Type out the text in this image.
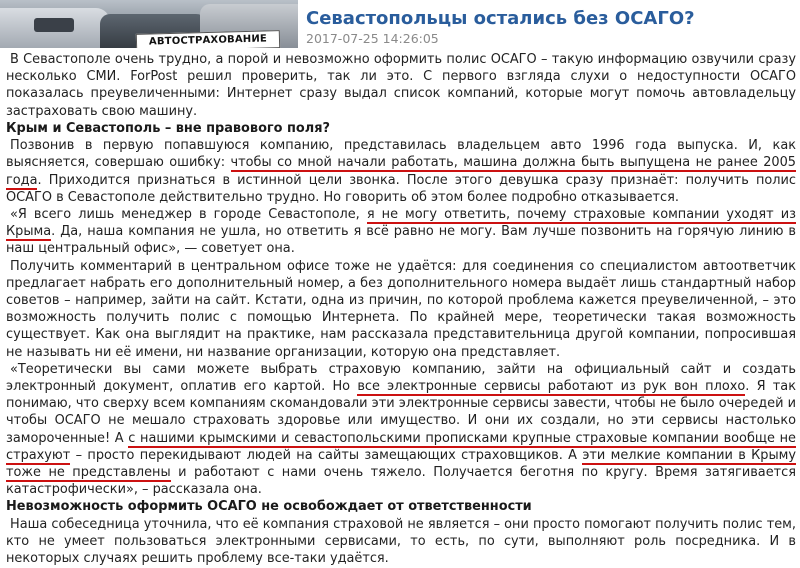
АВТОСТРАХОВАНИЕ
Севастопольцы остались без ОСАГО?
2017-07-25 14:26:05

В Севастополе очень трудно, а порой и невозможно оформить полис ОСАГО – такую информацию озвучили сразу несколько СМИ. ForPost решил проверить, так ли это. С первого взгляда слухи о недоступности ОСАГО показалась преувеличенными: Интернет сразу выдал список компаний, которые могут помочь автовладельцу застраховать свою машину.

Крым и Севастополь – вне правового поля?

Позвонив в первую попавшуюся компанию, представилась владельцем авто 1996 года выпуска. И, как выясняется, совершаю ошибку: чтобы со мной начали работать, машина должна быть выпущена не ранее 2005 года. Приходится признаться в истинной цели звонка. После этого девушка сразу признаёт: получить полис ОСАГО в Севастополе действительно трудно. Но говорить об этом более подробно отказывается.

«Я всего лишь менеджер в городе Севастополе, я не могу ответить, почему страховые компании уходят из Крыма. Да, наша компания не ушла, но ответить я всё равно не могу. Вам лучше позвонить на горячую линию в наш центральный офис», — советует она.

Получить комментарий в центральном офисе тоже не удаётся: для соединения со специалистом автоответчик предлагает набрать его дополнительный номер, а без дополнительного номера выдаёт лишь стандартный набор советов – например, зайти на сайт. Кстати, одна из причин, по которой проблема кажется преувеличенной, – это возможность получить полис с помощью Интернета. По крайней мере, теоретически такая возможность существует. Как она выглядит на практике, нам рассказала представительница другой компании, попросившая не называть ни её имени, ни название организации, которую она представляет.

«Теоретически вы сами можете выбрать страховую компанию, зайти на официальный сайт и создать электронный документ, оплатив его картой. Но все электронные сервисы работают из рук вон плохо. Я так понимаю, что сверху всем компаниям скомандовали эти электронные сервисы завести, чтобы не было очередей и чтобы ОСАГО не мешало страховать здоровье или имущество. И они их создали, но эти сервисы настолько замороченные! А с нашими крымскими и севастопольскими прописками крупные страховые компании вообще не страхуют – просто перекидывают людей на сайты замещающих страховщиков. А эти мелкие компании в Крыму тоже не представлены и работают с нами очень тяжело. Получается беготня по кругу. Время затягивается катастрофически», – рассказала она.

Невозможность оформить ОСАГО не освобождает от ответственности

Наша собеседница уточнила, что её компания страховой не является – они просто помогают получить полис тем, кто не умеет пользоваться электронными сервисами, то есть, по сути, выполняют роль посредника. И в некоторых случаях решить проблему все-таки удаётся.
